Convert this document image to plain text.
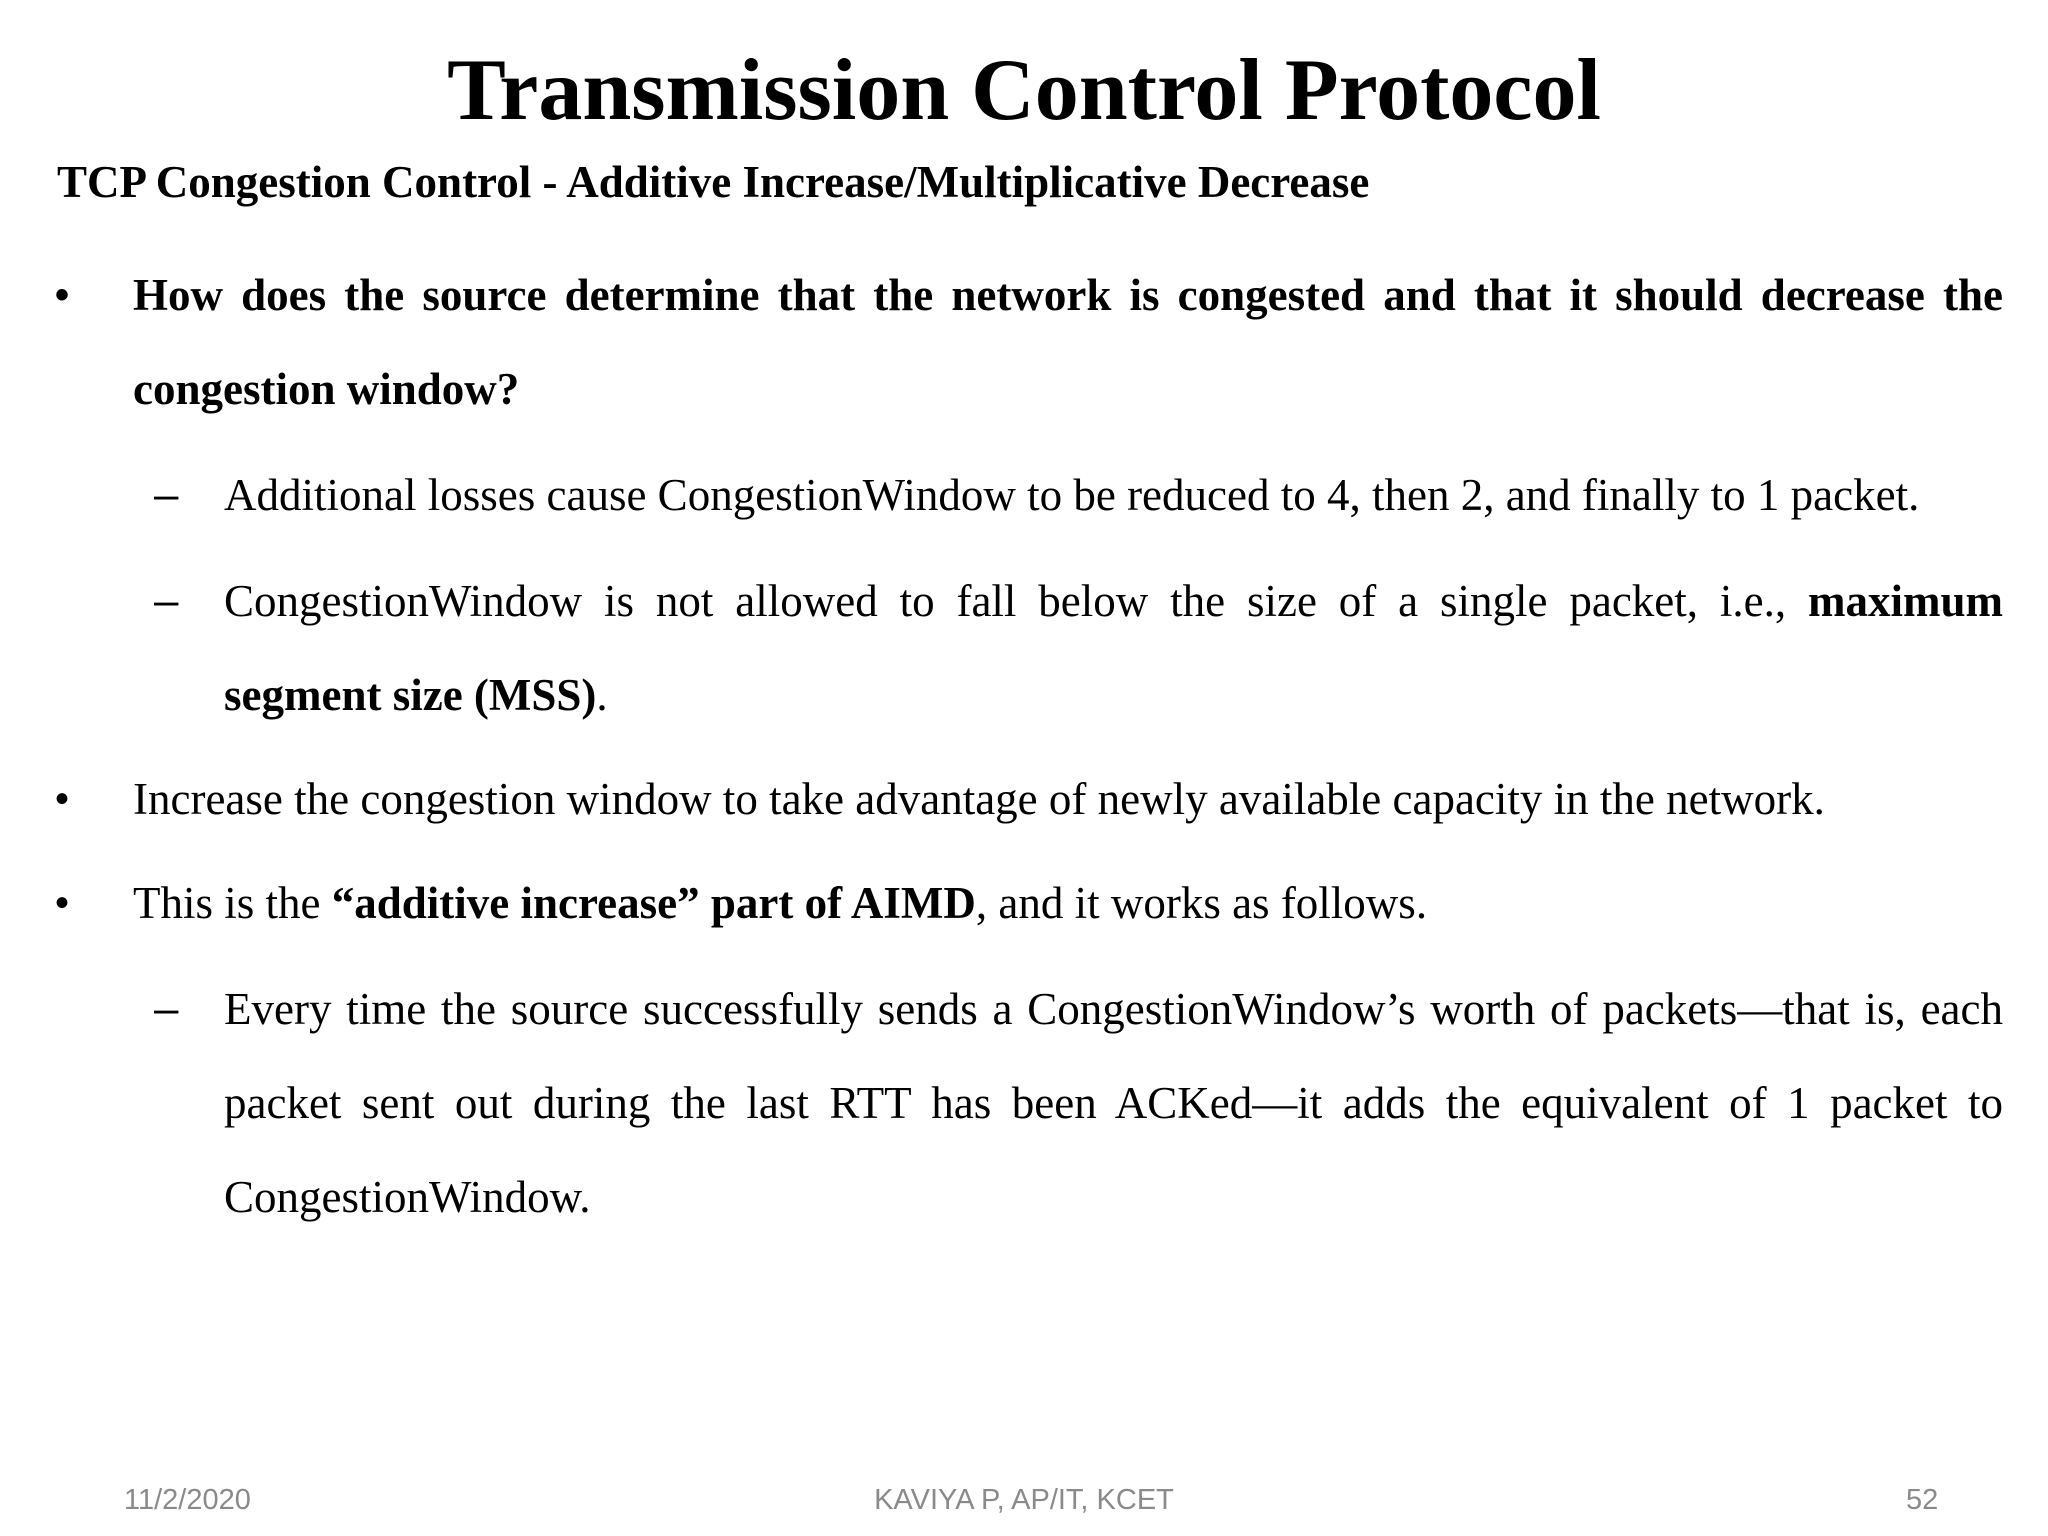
Transmission Control Protocol
TCP Congestion Control - Additive Increase/Multiplicative Decrease
• How does the source determine that the network is congested and that it should decrease the congestion window?
– Additional losses cause CongestionWindow to be reduced to 4, then 2, and finally to 1 packet.
– CongestionWindow is not allowed to fall below the size of a single packet, i.e., maximum segment size (MSS).
• Increase the congestion window to take advantage of newly available capacity in the network.
• This is the “additive increase” part of AIMD, and it works as follows.
– Every time the source successfully sends a CongestionWindow’s worth of packets—that is, each packet sent out during the last RTT has been ACKed—it adds the equivalent of 1 packet to CongestionWindow.
11/2/2020	KAVIYA P, AP/IT, KCET	52
